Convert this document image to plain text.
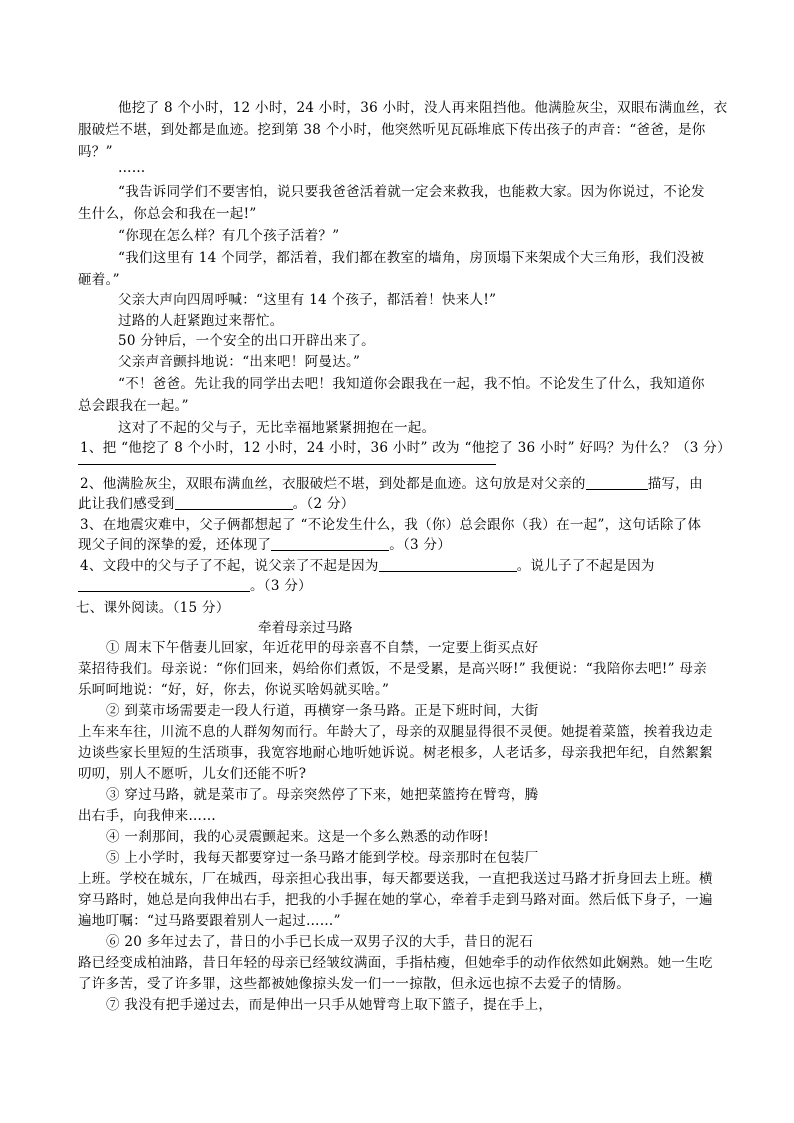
他挖了 8 个小时，12 小时，24 小时，36 小时，没人再来阻挡他。他满脸灰尘，双眼布满血丝，衣
服破烂不堪，到处都是血迹。挖到第 38 个小时，他突然听见瓦砾堆底下传出孩子的声音：“爸爸，是你
吗？”
……
“我告诉同学们不要害怕，说只要我爸爸活着就一定会来救我，也能救大家。因为你说过，不论发
生什么，你总会和我在一起!”
“你现在怎么样？有几个孩子活着？”
“我们这里有 14 个同学，都活着，我们都在教室的墙角，房顶塌下来架成个大三角形，我们没被
砸着。”
父亲大声向四周呼喊：“这里有 14 个孩子，都活着！快来人!”
过路的人赶紧跑过来帮忙。
50 分钟后，一个安全的出口开辟出来了。
父亲声音颤抖地说：“出来吧！阿曼达。”
“不！爸爸。先让我的同学出去吧！我知道你会跟我在一起，我不怕。不论发生了什么，我知道你
总会跟我在一起。”
这对了不起的父与子，无比幸福地紧紧拥抱在一起。
1、把 “他挖了 8 个小时，12 小时，24 小时，36 小时” 改为 “他挖了 36 小时” 好吗？为什么？（3 分）
2、他满脸灰尘，双眼布满血丝，衣服破烂不堪，到处都是血迹。这句放是对父亲的	描写，由
此让我们感受到	。（2 分）
3、在地震灾难中，父子俩都想起了 “不论发生什么，我（你）总会跟你（我）在一起”，这句话除了体
现父子间的深挚的爱，还体现了	。（3 分）
4、文段中的父与子了不起，说父亲了不起是因为	。说儿子了不起是因为
。（3 分）
七、课外阅读。（15 分）
牵着母亲过马路
① 周末下午偕妻儿回家，年近花甲的母亲喜不自禁，一定要上街买点好
菜招待我们。母亲说：“你们回来，妈给你们煮饭，不是受累，是高兴呀!” 我便说：“我陪你去吧!” 母亲
乐呵呵地说：“好，好，你去，你说买啥妈就买啥。”
② 到菜市场需要走一段人行道，再横穿一条马路。正是下班时间，大街
上车来车往，川流不息的人群匆匆而行。年龄大了，母亲的双腿显得很不灵便。她提着菜篮，挨着我边走
边谈些家长里短的生活琐事，我宽容地耐心地听她诉说。树老根多，人老话多，母亲我把年纪，自然絮絮
叨叨，别人不愿听，儿女们还能不听?
③ 穿过马路，就是菜市了。母亲突然停了下来，她把菜篮挎在臂弯，腾
出右手，向我伸来……
④ 一刹那间，我的心灵震颤起来。这是一个多么熟悉的动作呀!
⑤ 上小学时，我每天都要穿过一条马路才能到学校。母亲那时在包装厂
上班。学校在城东，厂在城西，母亲担心我出事，每天都要送我，一直把我送过马路才折身回去上班。横
穿马路时，她总是向我伸出右手，把我的小手握在她的掌心，牵着手走到马路对面。然后低下身子，一遍
遍地叮嘱：“过马路要跟着别人一起过……”
⑥ 20 多年过去了，昔日的小手已长成一双男子汉的大手，昔日的泥石
路已经变成柏油路，昔日年轻的母亲已经皱纹满面，手指枯瘦，但她牵手的动作依然如此娴熟。她一生吃
了许多苦，受了许多罪，这些都被她像掠头发一们一一掠散，但永远也掠不去爱子的情肠。
⑦ 我没有把手递过去，而是伸出一只手从她臂弯上取下篮子，提在手上，
